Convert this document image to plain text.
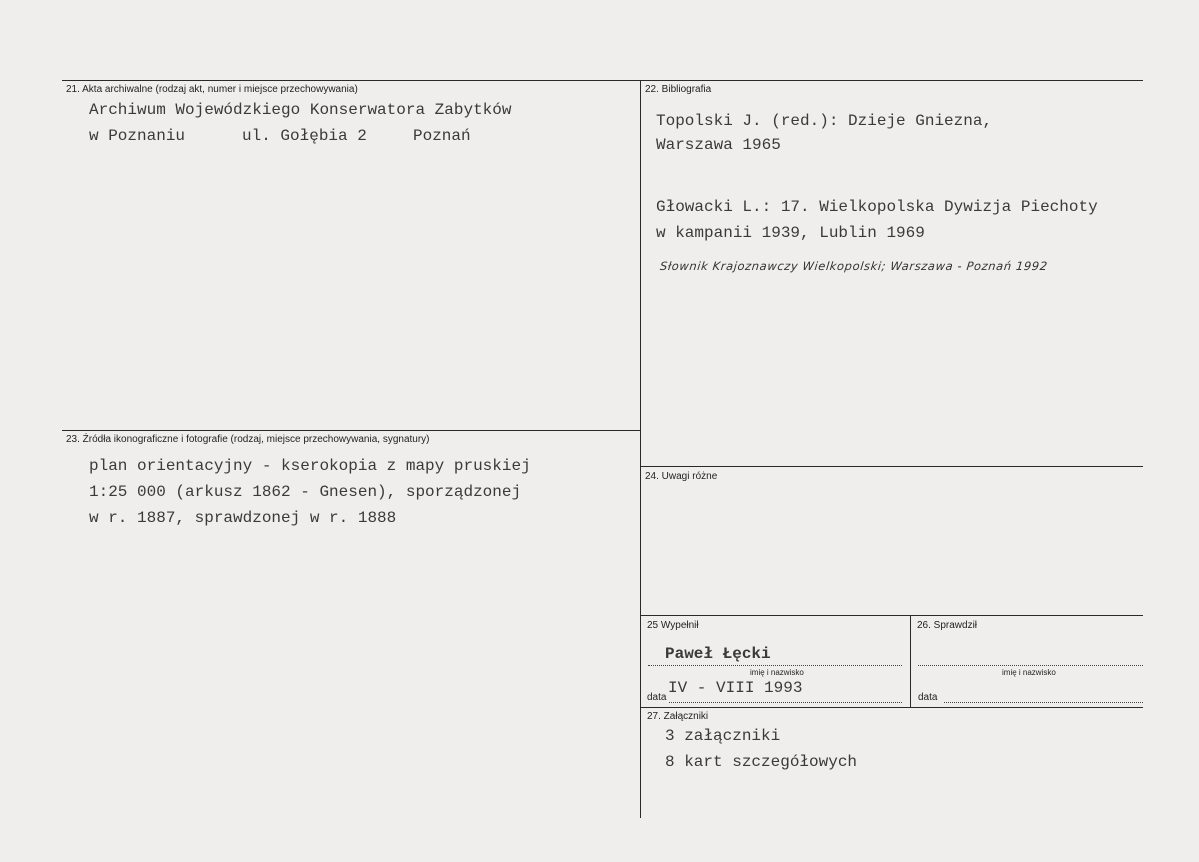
21. Akta archiwalne (rodzaj akt, numer i miejsce przechowywania)
Archiwum Wojewódzkiego Konserwatora Zabytków
w Poznaniu	ul. Gołębia 2	Poznań
22. Bibliografia
Topolski J. (red.): Dzieje Gniezna,
Warszawa 1965
Głowacki L.: 17. Wielkopolska Dywizja Piechoty
w kampanii 1939, Lublin 1969
Słownik Krajoznawczy Wielkopolski; Warszawa - Poznań 1992
23. Źródła ikonograficzne i fotografie (rodzaj, miejsce przechowywania, sygnatury)
plan orientacyjny - kserokopia z mapy pruskiej
1:25 000 (arkusz 1862 - Gnesen), sporządzonej
w r. 1887, sprawdzonej w r. 1888
24. Uwagi różne
25 Wypełnił
Paweł Łęcki
imię i nazwisko
data
IV - VIII 1993
26. Sprawdził
imię i nazwisko
data
27. Załączniki
3 załączniki
8 kart szczegółowych
